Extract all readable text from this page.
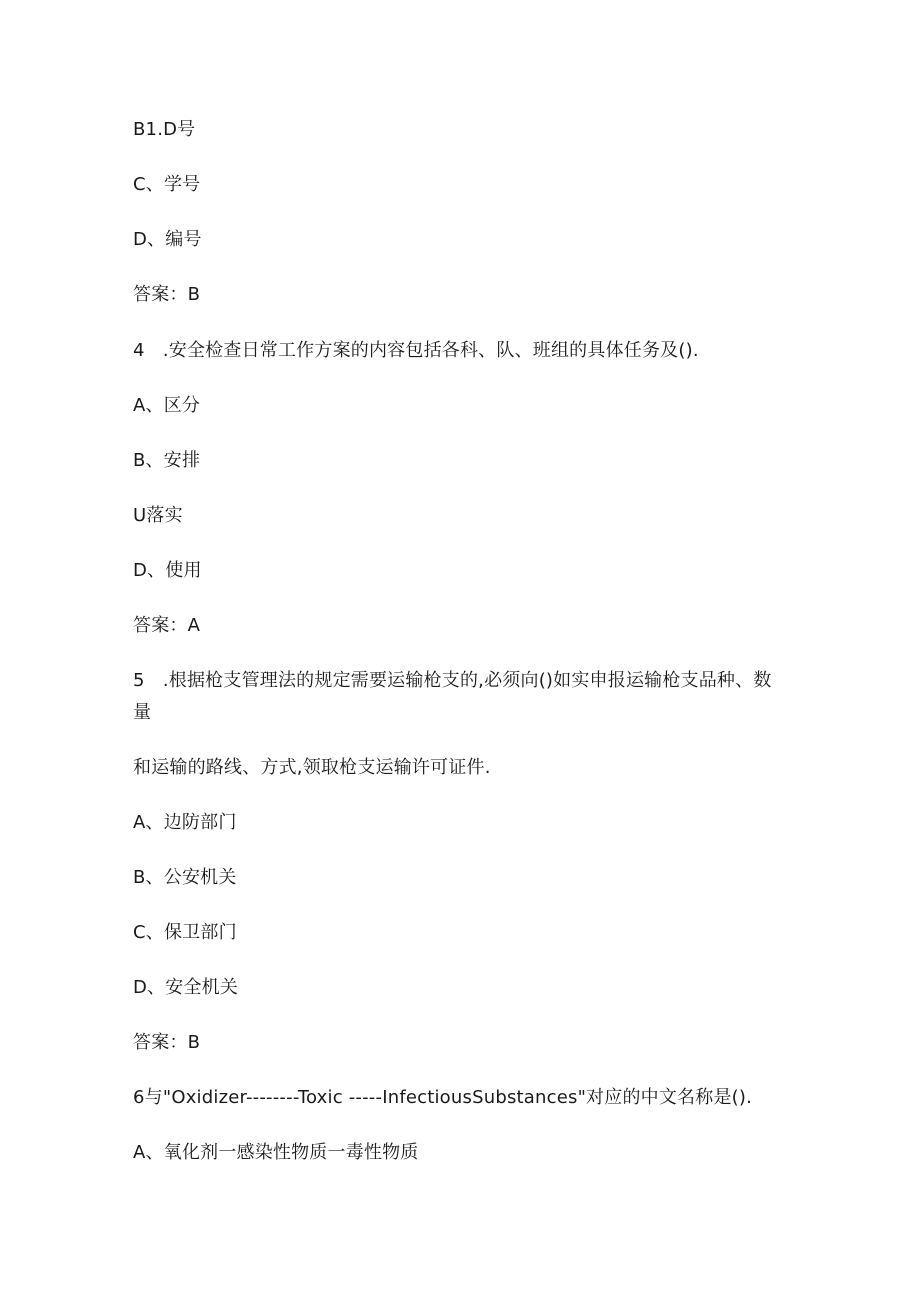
B1.D号
C、学号
D、编号
答案：B
4　.安全检查日常工作方案的内容包括各科、队、班组的具体任务及().
A、区分
B、安排
U落实
D、使用
答案：A
5　.根据枪支管理法的规定需要运输枪支的,必须向()如实申报运输枪支品种、数
量
和运输的路线、方式,领取枪支运输许可证件.
A、边防部门
B、公安机关
C、保卫部门
D、安全机关
答案：B
6与"Oxidizer--------Toxic -----InfectiousSubstances"对应的中文名称是().
A、氧化剂一感染性物质一毒性物质
